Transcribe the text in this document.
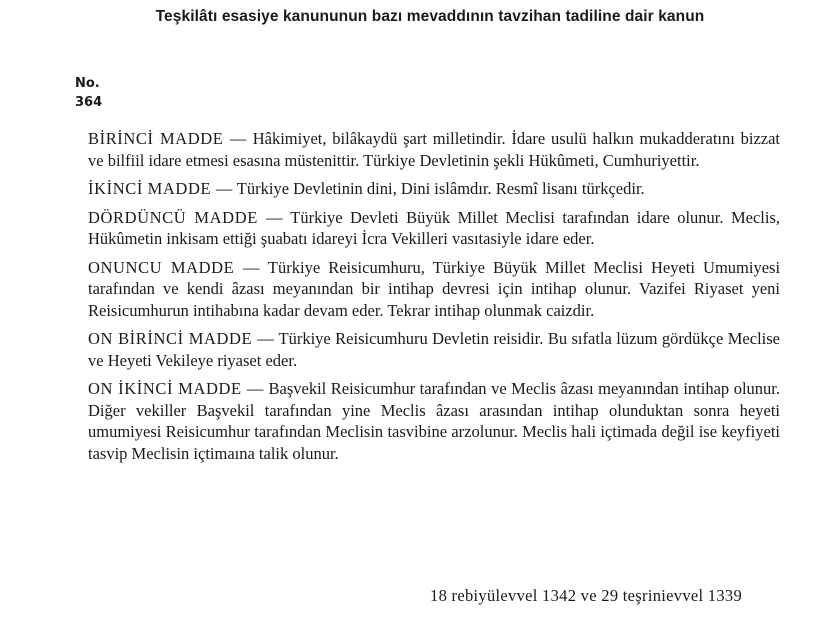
Teşkilâtı esasiye kanununun bazı mevaddının tavzihan tadiline dair kanun
No.
364

BİRİNCİ MADDE — Hâkimiyet, bilâkaydü şart milletindir. İdare usulü halkın mukadderatını bizzat ve bilfiil idare etmesi esasına müstenittir. Türkiye Devletinin şekli Hükûmeti, Cumhuriyettir.

İKİNCİ MADDE — Türkiye Devletinin dini, Dini islâmdır. Resmî lisanı türkçedir.

DÖRDÜNCÜ MADDE — Türkiye Devleti Büyük Millet Meclisi tarafından idare olunur. Meclis, Hükûmetin inkisam ettiği şuabatı idareyi İcra Vekilleri vasıtasiyle idare eder.

ONUNCU MADDE — Türkiye Reisicumhuru, Türkiye Büyük Millet Meclisi Heyeti Umumiyesi tarafından ve kendi âzası meyanından bir intihap devresi için intihap olunur. Vazifei Riyaset yeni Reisicumhurun intihabına kadar devam eder. Tekrar intihap olunmak caizdir.

ON BİRİNCİ MADDE — Türkiye Reisicumhuru Devletin reisidir. Bu sıfatla lüzum gördükçe Meclise ve Heyeti Vekileye riyaset eder.

ON İKİNCİ MADDE — Başvekil Reisicumhur tarafından ve Meclis âzası meyanından intihap olunur. Diğer vekiller Başvekil tarafından yine Meclis âzası arasından intihap olunduktan sonra heyeti umumiyesi Reisicumhur tarafından Meclisin tasvibine arzolunur. Meclis hali içtimada değil ise keyfiyeti tasvip Meclisin içtimaına talik olunur.

18 rebiyülevvel 1342 ve 29 teşrinievvel 1339
